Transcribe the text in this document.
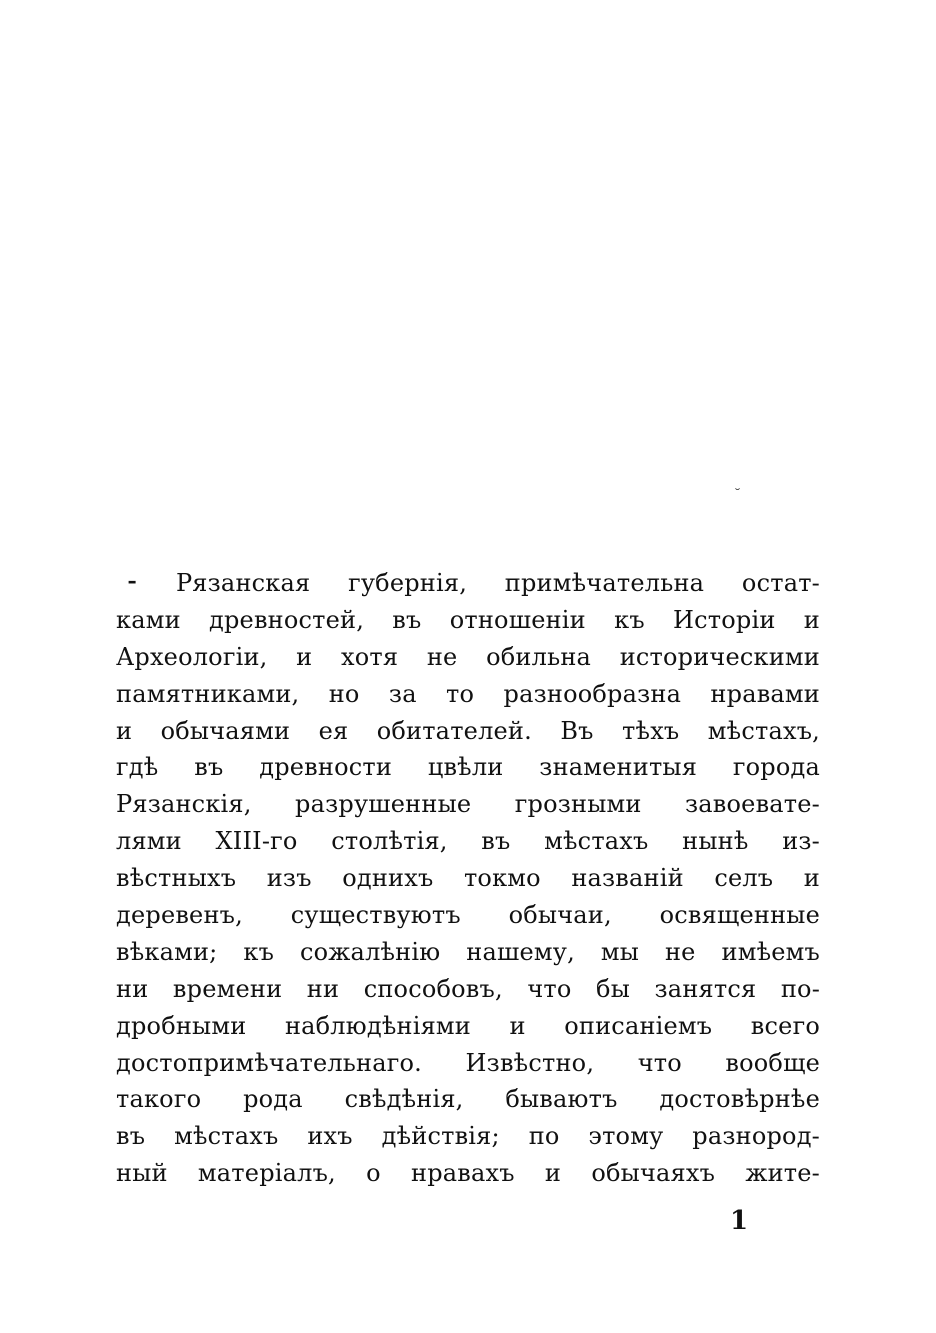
˘
⁃ Рязанская губернія, примѣчательна остат-
ками древностей, въ отношеніи къ Исторіи и
Археологіи, и хотя не обильна историческими
памятниками, но за то разнообразна нравами
и обычаями ея обитателей. Въ тѣхъ мѣстахъ,
гдѣ въ древности цвѣли знаменитыя города
Рязанскія, разрушенные грозными завоевате-
лями XIII-го столѣтія, въ мѣстахъ нынѣ из-
вѣстныхъ изъ однихъ токмо названій селъ и
деревенъ, существуютъ обычаи, освященные
вѣками; къ сожалѣнію нашему, мы не имѣемъ
ни времени ни способовъ, что бы занятся по-
дробными наблюдѣніями и описаніемъ всего
достопримѣчательнаго. Извѣстно, что вообще
такого рода свѣдѣнія, бываютъ достовѣрнѣе
въ мѣстахъ ихъ дѣйствія; по этому разнород-
ный матеріалъ, о нравахъ и обычаяхъ жите-
1
